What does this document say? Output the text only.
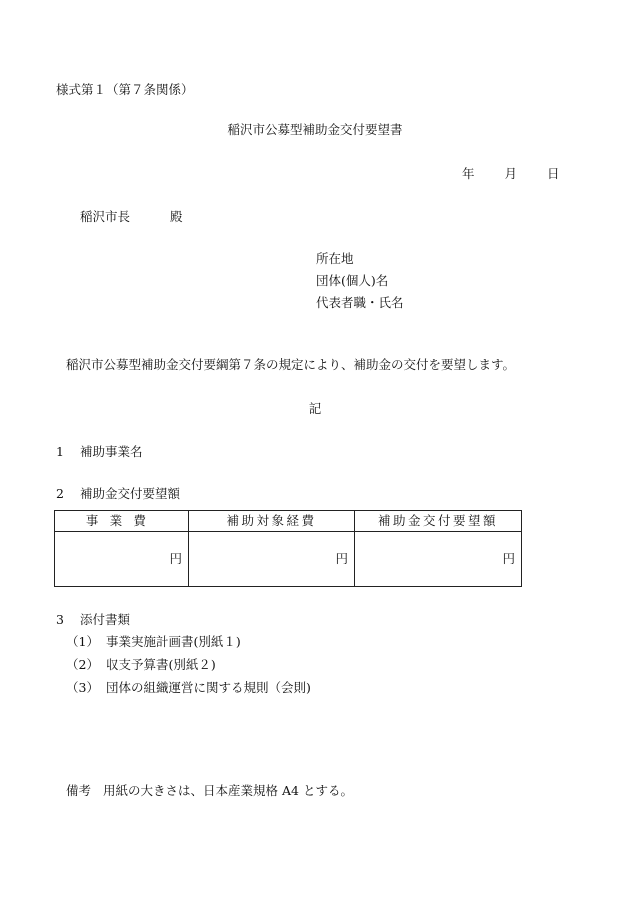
様式第１（第７条関係）
稲沢市公募型補助金交付要望書
年 月 日
稲沢市長	殿
所在地
団体(個人)名
代表者職・氏名
稲沢市公募型補助金交付要綱第７条の規定により、補助金の交付を要望します。
記
1 補助事業名
2 補助金交付要望額
事業費	補助対象経費	補助金交付要望額
円	円	円
3 添付書類
（1） 事業実施計画書(別紙１)
（2） 収支予算書(別紙２)
（3） 団体の組織運営に関する規則（会則)
備考 用紙の大きさは、日本産業規格 A4 とする。
